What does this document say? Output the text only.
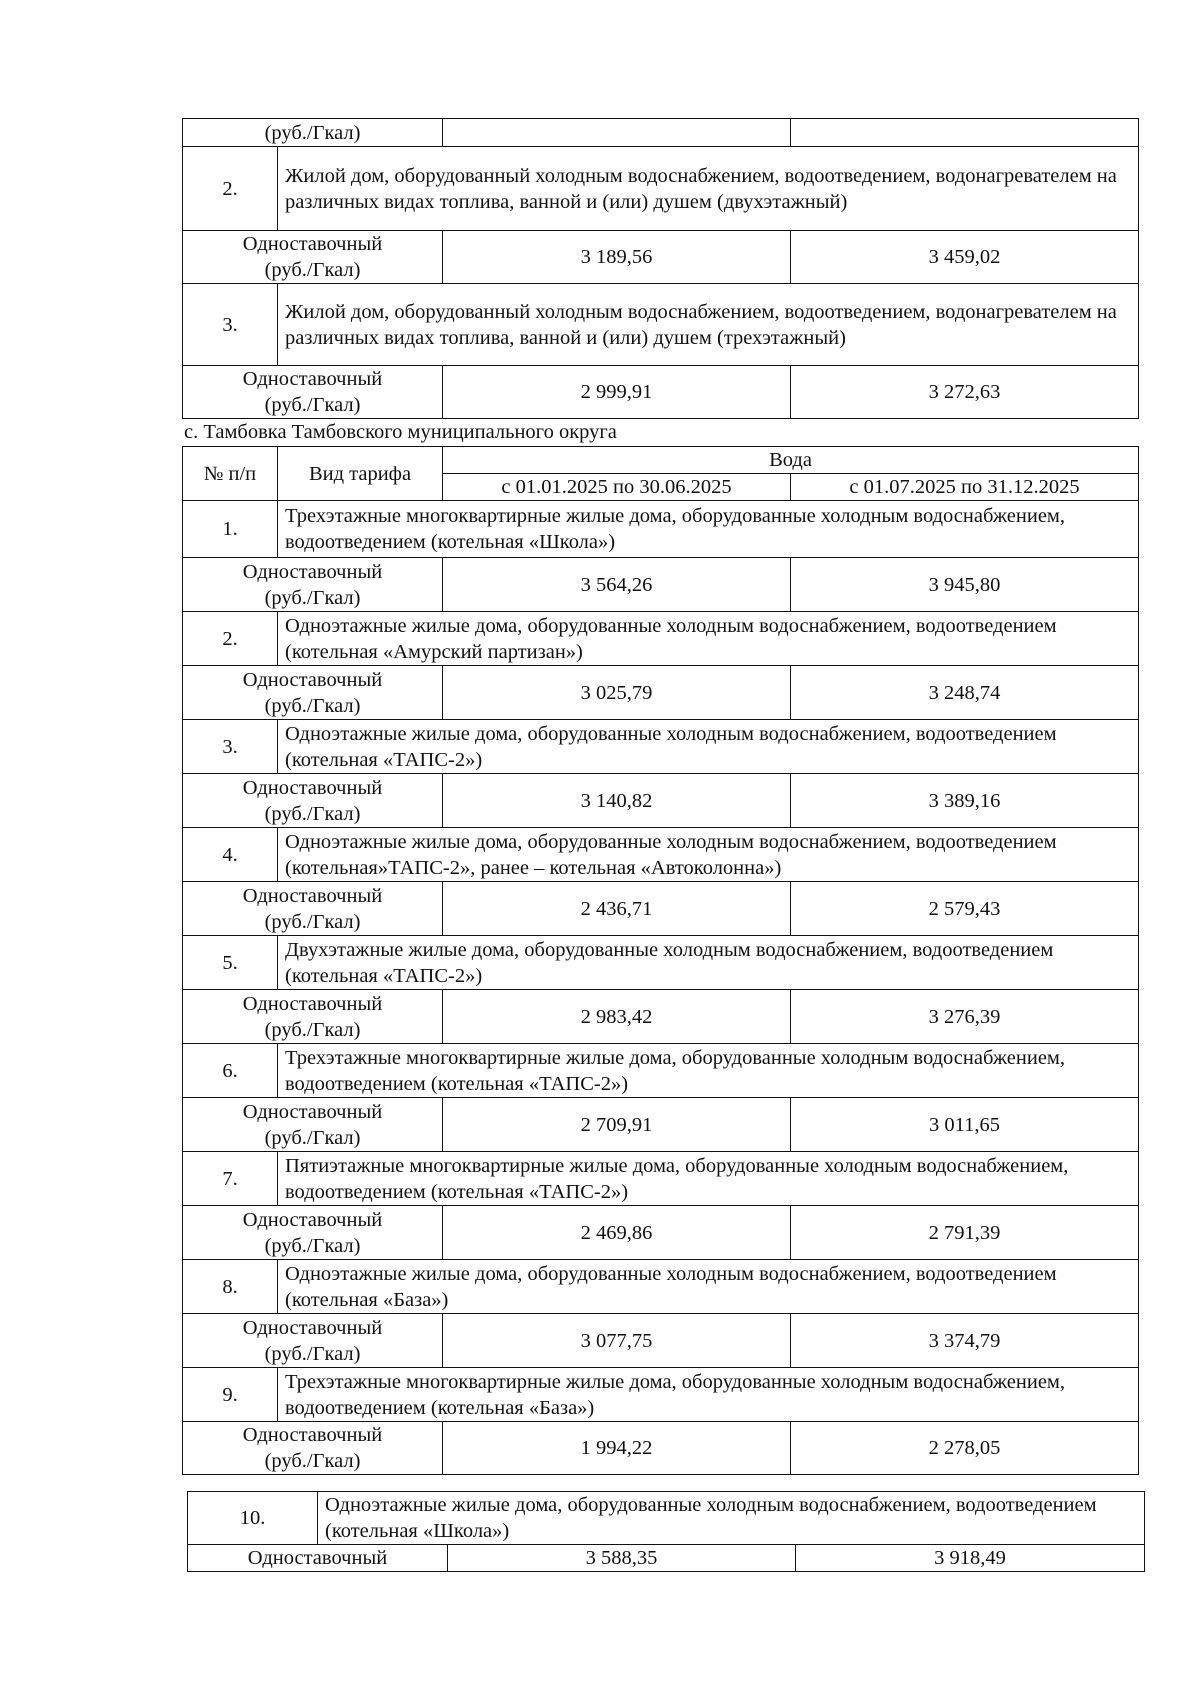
(руб./Гкал)			
2.	Жилой дом, оборудованный холодным водоснабжением, водоотведением, водонагревателем на различных видах топлива, ванной и (или) душем (двухэтажный)		

Одноставочный
(руб./Гкал)		3 189,56	3 459,02
3.	Жилой дом, оборудованный холодным водоснабжением, водоотведением, водонагревателем на различных видах топлива, ванной и (или) душем (трехэтажный)		

Одноставочный
(руб./Гкал)		2 999,91	3 272,63
с. Тамбовка Тамбовского муниципального округа
№ п/п	Вид тарифа	Вода	
		с 01.01.2025 по 30.06.2025	с 01.07.2025 по 31.12.2025
1.	Трехэтажные многоквартирные жилые дома, оборудованные холодным водоснабжением, водоотведением (котельная «Школа»)		

Одноставочный
(руб./Гкал)		3 564,26	3 945,80
2.	Одноэтажные жилые дома, оборудованные холодным водоснабжением, водоотведением (котельная «Амурский партизан»)		

Одноставочный
(руб./Гкал)		3 025,79	3 248,74
3.	Одноэтажные жилые дома, оборудованные холодным водоснабжением, водоотведением (котельная «ТАПС-2»)		

Одноставочный
(руб./Гкал)		3 140,82	3 389,16
4.	Одноэтажные жилые дома, оборудованные холодным водоснабжением, водоотведением (котельная»ТАПС-2», ранее – котельная «Автоколонна»)		

Одноставочный
(руб./Гкал)		2 436,71	2 579,43
5.	Двухэтажные жилые дома, оборудованные холодным водоснабжением, водоотведением (котельная «ТАПС-2»)		

Одноставочный
(руб./Гкал)		2 983,42	3 276,39
6.	Трехэтажные многоквартирные жилые дома, оборудованные холодным водоснабжением, водоотведением (котельная «ТАПС-2»)		

Одноставочный
(руб./Гкал)		2 709,91	3 011,65
7.	Пятиэтажные многоквартирные жилые дома, оборудованные холодным водоснабжением, водоотведением (котельная «ТАПС-2»)		

Одноставочный
(руб./Гкал)		2 469,86	2 791,39
8.	Одноэтажные жилые дома, оборудованные холодным водоснабжением, водоотведением (котельная «База»)		

Одноставочный
(руб./Гкал)		3 077,75	3 374,79
9.	Трехэтажные многоквартирные жилые дома, оборудованные холодным водоснабжением, водоотведением (котельная «База»)		

Одноставочный
(руб./Гкал)		1 994,22	2 278,05
10.	Одноэтажные жилые дома, оборудованные холодным водоснабжением, водоотведением (котельная «Школа»)		
Одноставочный		3 588,35	3 918,49
